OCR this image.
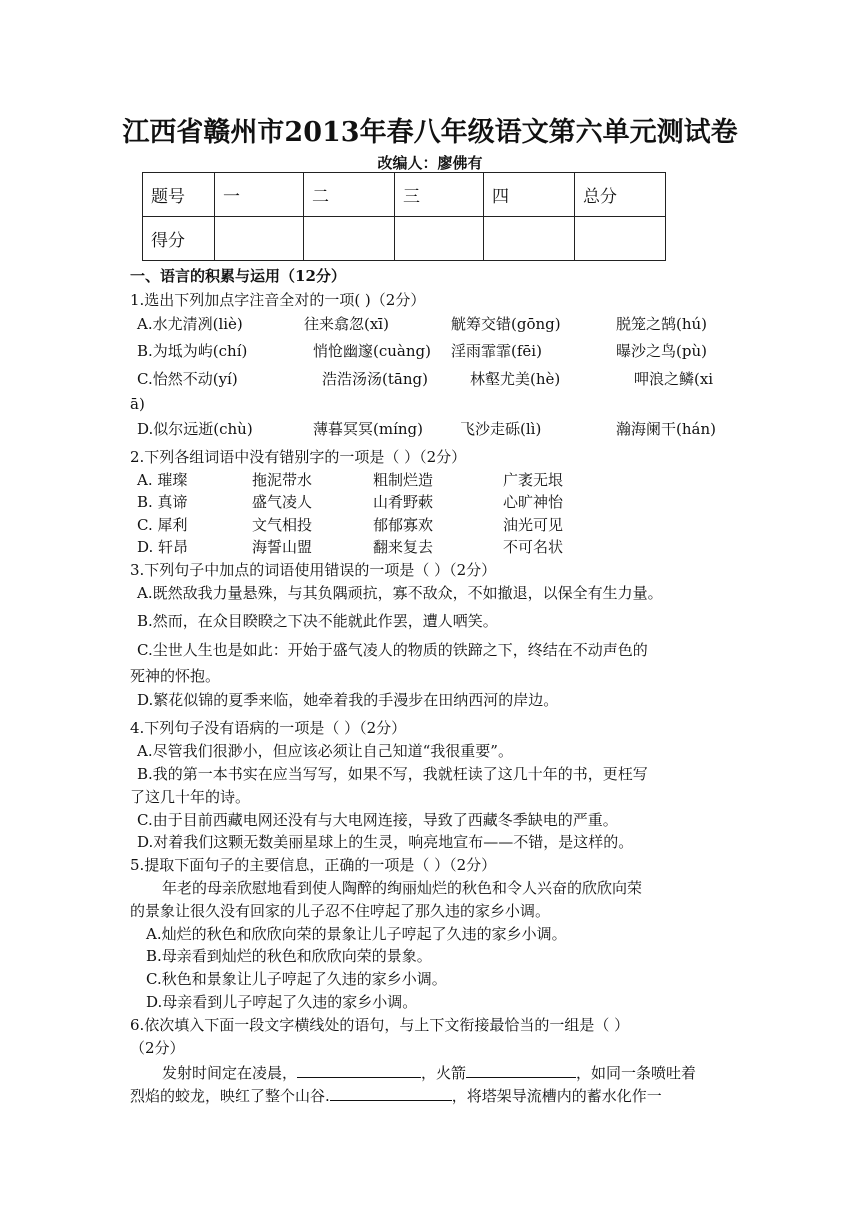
江西省赣州市2013年春八年级语文第六单元测试卷
改编人：廖佛有
题号	一	二	三	四	总分
得分					
一、语言的积累与运用（12分）
1.选出下列加点字注音全对的一项( )（2分）
A.水尤清冽(liè)	往来翕忽(xī)	觥筹交错(gōng)	脱笼之鹄(hú)
B.为坻为屿(chí)	悄怆幽邃(cuàng) 淫雨霏霏(fēi)	曝沙之鸟(pù)
C.怡然不动(yí)	浩浩汤汤(tāng)	林壑尤美(hè)	呷浪之鳞(xi
ā)
D.似尔远逝(chù)	薄暮冥冥(míng) 飞沙走砾(lì)	瀚海阑干(hán)
2.下列各组词语中没有错别字的一项是（ ）（2分）
A. 璀璨	拖泥带水	粗制烂造	广袤无垠
B. 真谛	盛气凌人	山肴野蔌	心旷神怡
C. 犀利	文气相投	郁郁寡欢	油光可见
D. 轩昂	海誓山盟	翻来复去	不可名状
3.下列句子中加点的词语使用错误的一项是（ ）（2分）
A.既然敌我力量悬殊，与其负隅顽抗，寡不敌众，不如撤退，以保全有生力量。
B.然而，在众目睽睽之下决不能就此作罢，遭人哂笑。
C.尘世人生也是如此：开始于盛气凌人的物质的铁蹄之下，终结在不动声色的
死神的怀抱。
D.繁花似锦的夏季来临，她牵着我的手漫步在田纳西河的岸边。
4.下列句子没有语病的一项是（ ）（2分）
A.尽管我们很渺小，但应该必须让自己知道“我很重要”。
B.我的第一本书实在应当写写，如果不写，我就枉读了这几十年的书，更枉写
了这几十年的诗。
C.由于目前西藏电网还没有与大电网连接，导致了西藏冬季缺电的严重。
D.对着我们这颗无数美丽星球上的生灵，响亮地宣布——不错，是这样的。
5.提取下面句子的主要信息，正确的一项是（ ）（2分）
年老的母亲欣慰地看到使人陶醉的绚丽灿烂的秋色和令人兴奋的欣欣向荣
的景象让很久没有回家的儿子忍不住哼起了那久违的家乡小调。
A.灿烂的秋色和欣欣向荣的景象让儿子哼起了久违的家乡小调。
B.母亲看到灿烂的秋色和欣欣向荣的景象。
C.秋色和景象让儿子哼起了久违的家乡小调。
D.母亲看到儿子哼起了久违的家乡小调。
6.依次填入下面一段文字横线处的语句，与上下文衔接最恰当的一组是（ ）
（2分）
发射时间定在凌晨，	，火箭	，如同一条喷吐着
烈焰的蛟龙，映红了整个山谷.	，将塔架导流槽内的蓄水化作一
